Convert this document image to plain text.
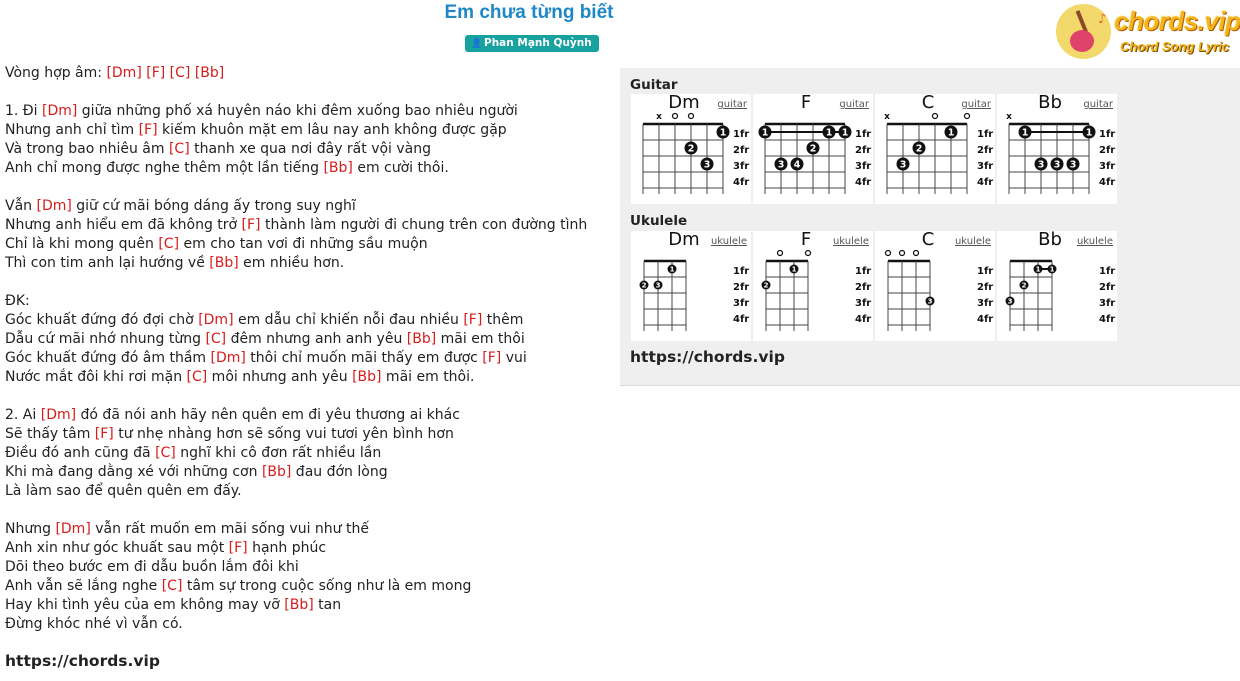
Em chưa từng biết
👤 Phan Mạnh Quỳnh
♪ chords.vip
Chord Song Lyric
Vòng hợp âm: [Dm] [F] [C] [Bb]
1. Đi [Dm] giữa những phố xá huyên náo khi đêm xuống bao nhiêu người
Nhưng anh chỉ tìm [F] kiếm khuôn mặt em lâu nay anh không được gặp
Và trong bao nhiêu âm [C] thanh xe qua nơi đây rất vội vàng
Anh chỉ mong được nghe thêm một lần tiếng [Bb] em cười thôi.
Vẫn [Dm] giữ cứ mãi bóng dáng ấy trong suy nghĩ
Nhưng anh hiểu em đã không trở [F] thành làm người đi chung trên con đường tình
Chỉ là khi mong quên [C] em cho tan vơi đi những sầu muộn
Thì con tim anh lại hướng về [Bb] em nhiều hơn.
ĐK:
Góc khuất đứng đó đợi chờ [Dm] em dẫu chỉ khiến nỗi đau nhiều [F] thêm
Dẫu cứ mãi nhớ nhung từng [C] đêm nhưng anh anh yêu [Bb] mãi em thôi
Góc khuất đứng đó âm thầm [Dm] thôi chỉ muốn mãi thấy em được [F] vui
Nước mắt đôi khi rơi mặn [C] môi nhưng anh yêu [Bb] mãi em thôi.
2. Ai [Dm] đó đã nói anh hãy nên quên em đi yêu thương ai khác
Sẽ thấy tâm [F] tư nhẹ nhàng hơn sẽ sống vui tươi yên bình hơn
Điều đó anh cũng đã [C] nghĩ khi cô đơn rất nhiều lần
Khi mà đang dằng xé với những cơn [Bb] đau đớn lòng
Là làm sao để quên quên em đấy.
Nhưng [Dm] vẫn rất muốn em mãi sống vui như thế
Anh xin như góc khuất sau một [F] hạnh phúc
Dõi theo bước em đi dẫu buồn lắm đôi khi
Anh vẫn sẽ lắng nghe [C] tâm sự trong cuộc sống như là em mong
Hay khi tình yêu của em không may vỡ [Bb] tan
Đừng khóc nhé vì vẫn có.
https://chords.vip
Guitar
Ukulele
https://chords.vip
Dm	guitar
1fr
2fr
3fr
4fr
x
1
2
3
F	guitar
1fr
2fr
3fr
4fr
1	1 1
2
3 4
C	guitar
1fr
2fr
3fr
4fr
x
1
2
3
Bb	guitar
1fr
2fr
3fr
4fr
x
1	1
3 3 3
Dm	ukulele
1fr
2fr
3fr
4fr
1
2 3
F	ukulele
1fr
2fr
3fr
4fr
1
2
C	ukulele
1fr
2fr
3fr
4fr
3
Bb	ukulele
1fr
2fr
3fr
4fr
1 1
2
3
